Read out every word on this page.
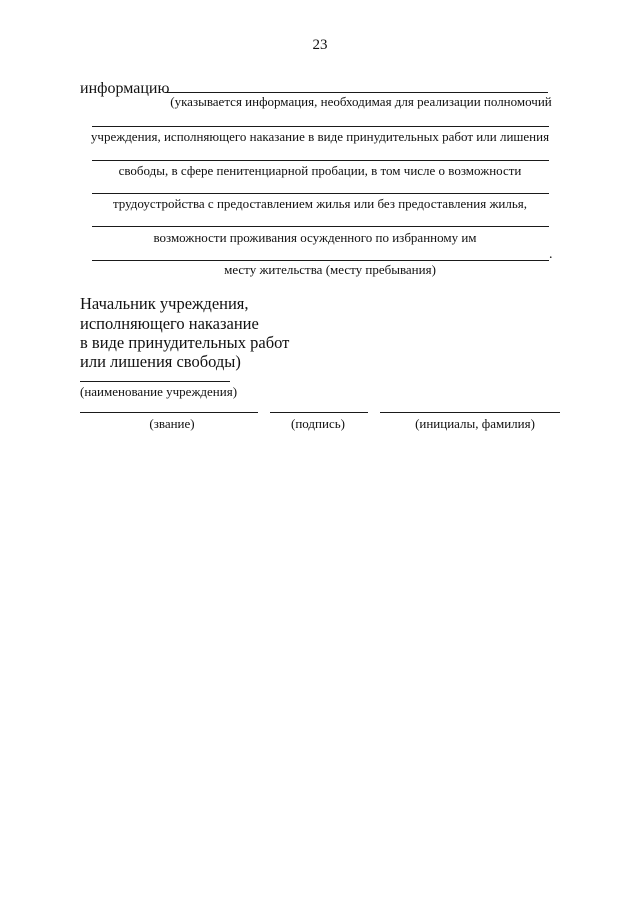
23
информацию
(указывается информация, необходимая для реализации полномочий
учреждения, исполняющего наказание в виде принудительных работ или лишения
свободы, в сфере пенитенциарной пробации, в том числе о возможности
трудоустройства с предоставлением жилья или без предоставления жилья,
возможности проживания осужденного по избранному им
.
месту жительства (месту пребывания)
Начальник учреждения,
исполняющего наказание
в виде принудительных работ
или лишения свободы)
(наименование учреждения)
(звание)	(подпись)	(инициалы, фамилия)
